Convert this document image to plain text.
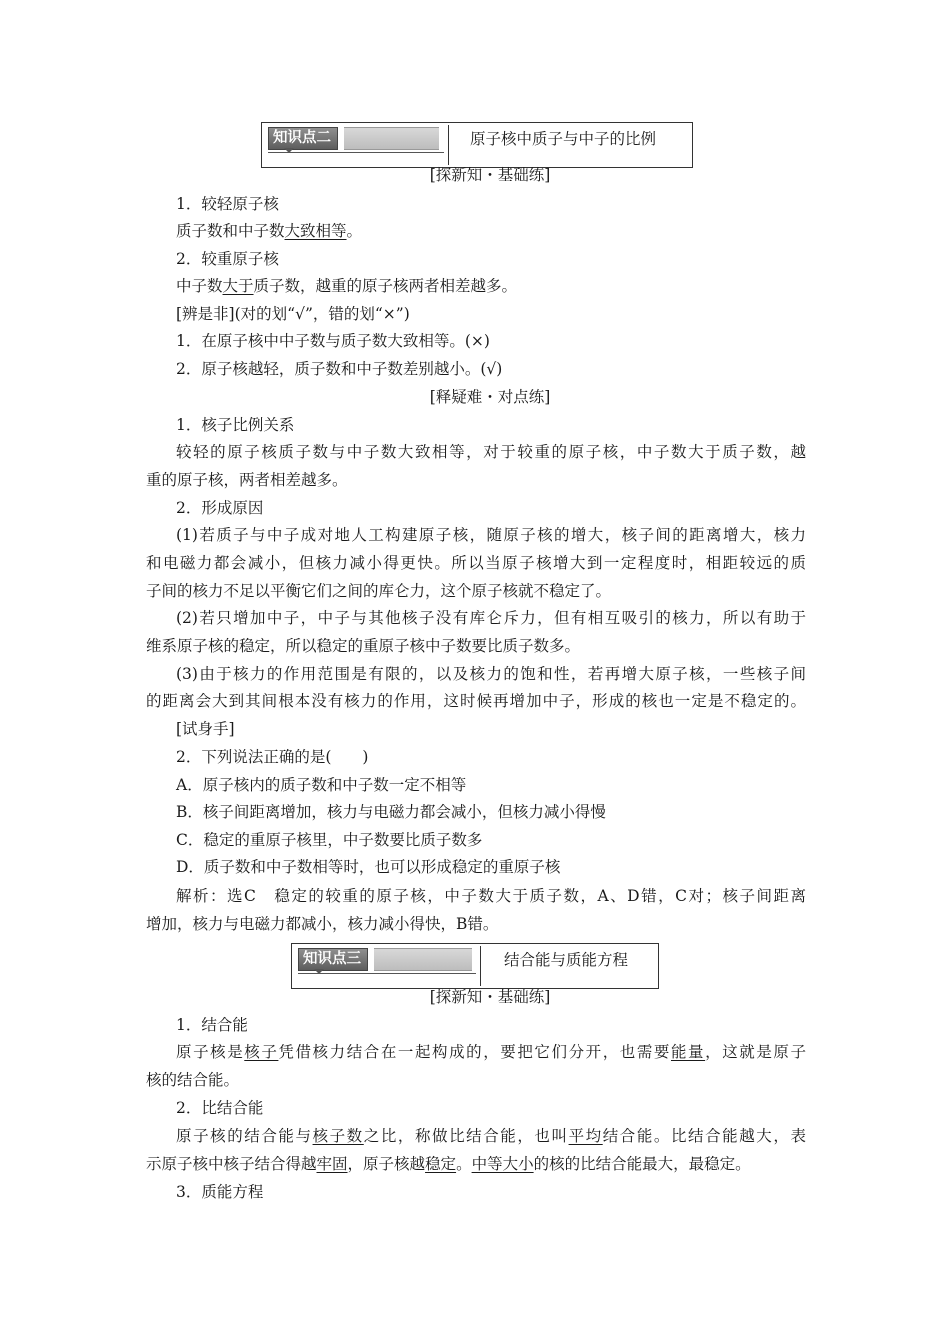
知识点二	原子核中质子与中子的比例
[探新知・基础练]
1．较轻原子核
质子数和中子数大致相等。
2．较重原子核
中子数大于质子数，越重的原子核两者相差越多。
[辨是非](对的划“√”，错的划“×”)
1．在原子核中中子数与质子数大致相等。(×)
2．原子核越轻，质子数和中子数差别越小。(√)
[释疑难・对点练]
1．核子比例关系
较轻的原子核质子数与中子数大致相等，对于较重的原子核，中子数大于质子数，越
重的原子核，两者相差越多。
2．形成原因
(1)若质子与中子成对地人工构建原子核，随原子核的增大，核子间的距离增大，核力
和电磁力都会减小，但核力减小得更快。所以当原子核增大到一定程度时，相距较远的质
子间的核力不足以平衡它们之间的库仑力，这个原子核就不稳定了。
(2)若只增加中子，中子与其他核子没有库仑斥力，但有相互吸引的核力，所以有助于
维系原子核的稳定，所以稳定的重原子核中子数要比质子数多。
(3)由于核力的作用范围是有限的，以及核力的饱和性，若再增大原子核，一些核子间
的距离会大到其间根本没有核力的作用，这时候再增加中子，形成的核也一定是不稳定的。
[试身手]
2．下列说法正确的是(　　)
A．原子核内的质子数和中子数一定不相等
B．核子间距离增加，核力与电磁力都会减小，但核力减小得慢
C．稳定的重原子核里，中子数要比质子数多
D．质子数和中子数相等时，也可以形成稳定的重原子核
解析：选C　稳定的较重的原子核，中子数大于质子数，A、D错，C对；核子间距离
增加，核力与电磁力都减小，核力减小得快，B错。
知识点三	结合能与质能方程
[探新知・基础练]
1．结合能
原子核是核子凭借核力结合在一起构成的，要把它们分开，也需要能量，这就是原子
核的结合能。
2．比结合能
原子核的结合能与核子数之比，称做比结合能，也叫平均结合能。比结合能越大，表
示原子核中核子结合得越牢固，原子核越稳定。中等大小的核的比结合能最大，最稳定。
3．质能方程
